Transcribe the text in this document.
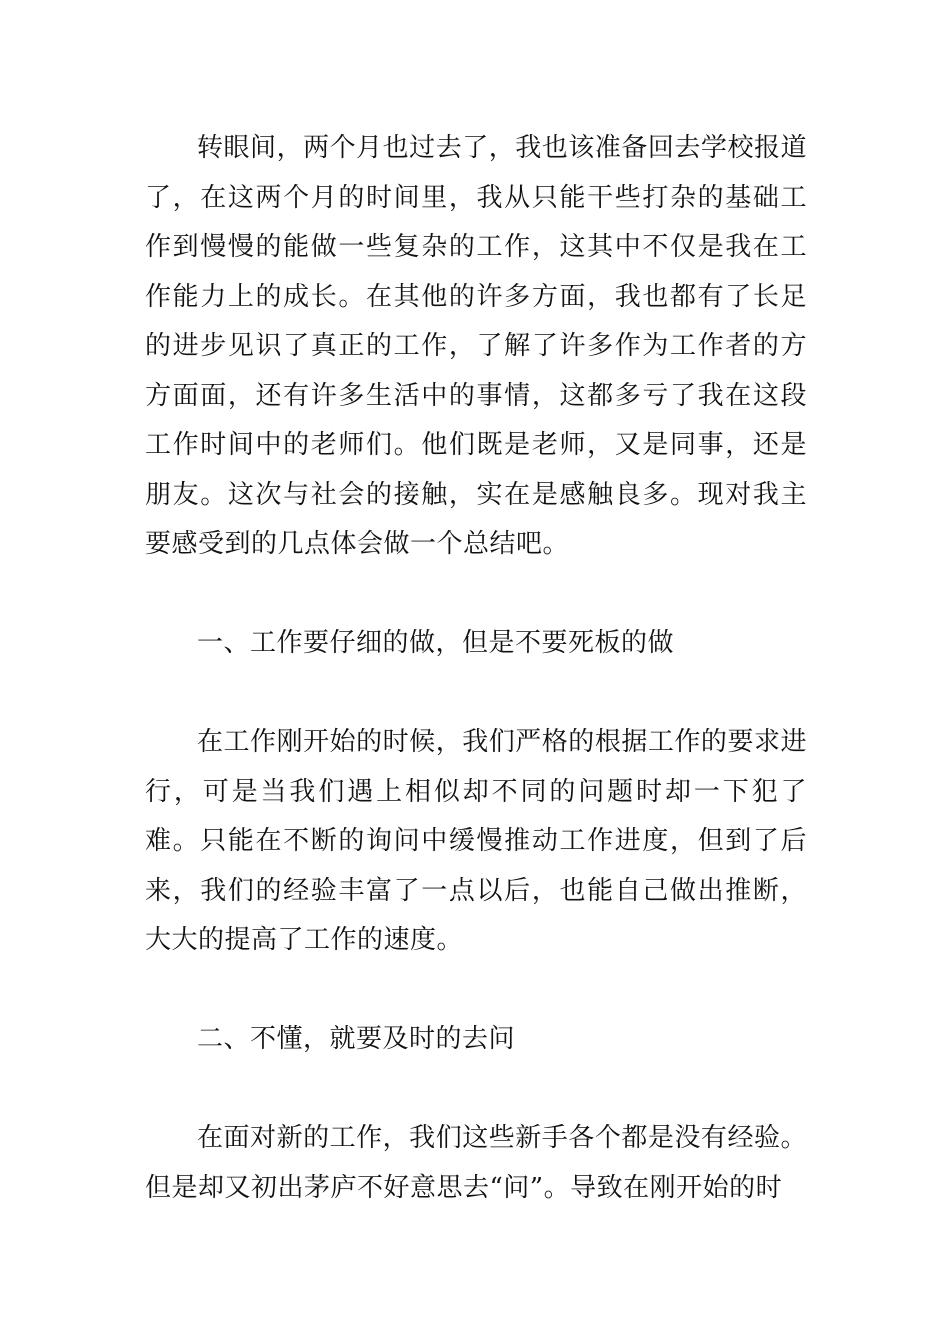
转眼间，两个月也过去了，我也该准备回去学校报道了，在这两个月的时间里，我从只能干些打杂的基础工作到慢慢的能做一些复杂的工作，这其中不仅是我在工作能力上的成长。在其他的许多方面，我也都有了长足的进步见识了真正的工作，了解了许多作为工作者的方方面面，还有许多生活中的事情，这都多亏了我在这段工作时间中的老师们。他们既是老师，又是同事，还是朋友。这次与社会的接触，实在是感触良多。现对我主要感受到的几点体会做一个总结吧。

一、工作要仔细的做，但是不要死板的做

在工作刚开始的时候，我们严格的根据工作的要求进行，可是当我们遇上相似却不同的问题时却一下犯了难。只能在不断的询问中缓慢推动工作进度，但到了后来，我们的经验丰富了一点以后，也能自己做出推断，大大的提高了工作的速度。

二、不懂，就要及时的去问

在面对新的工作，我们这些新手各个都是没有经验。但是却又初出茅庐不好意思去“问”。导致在刚开始的时
